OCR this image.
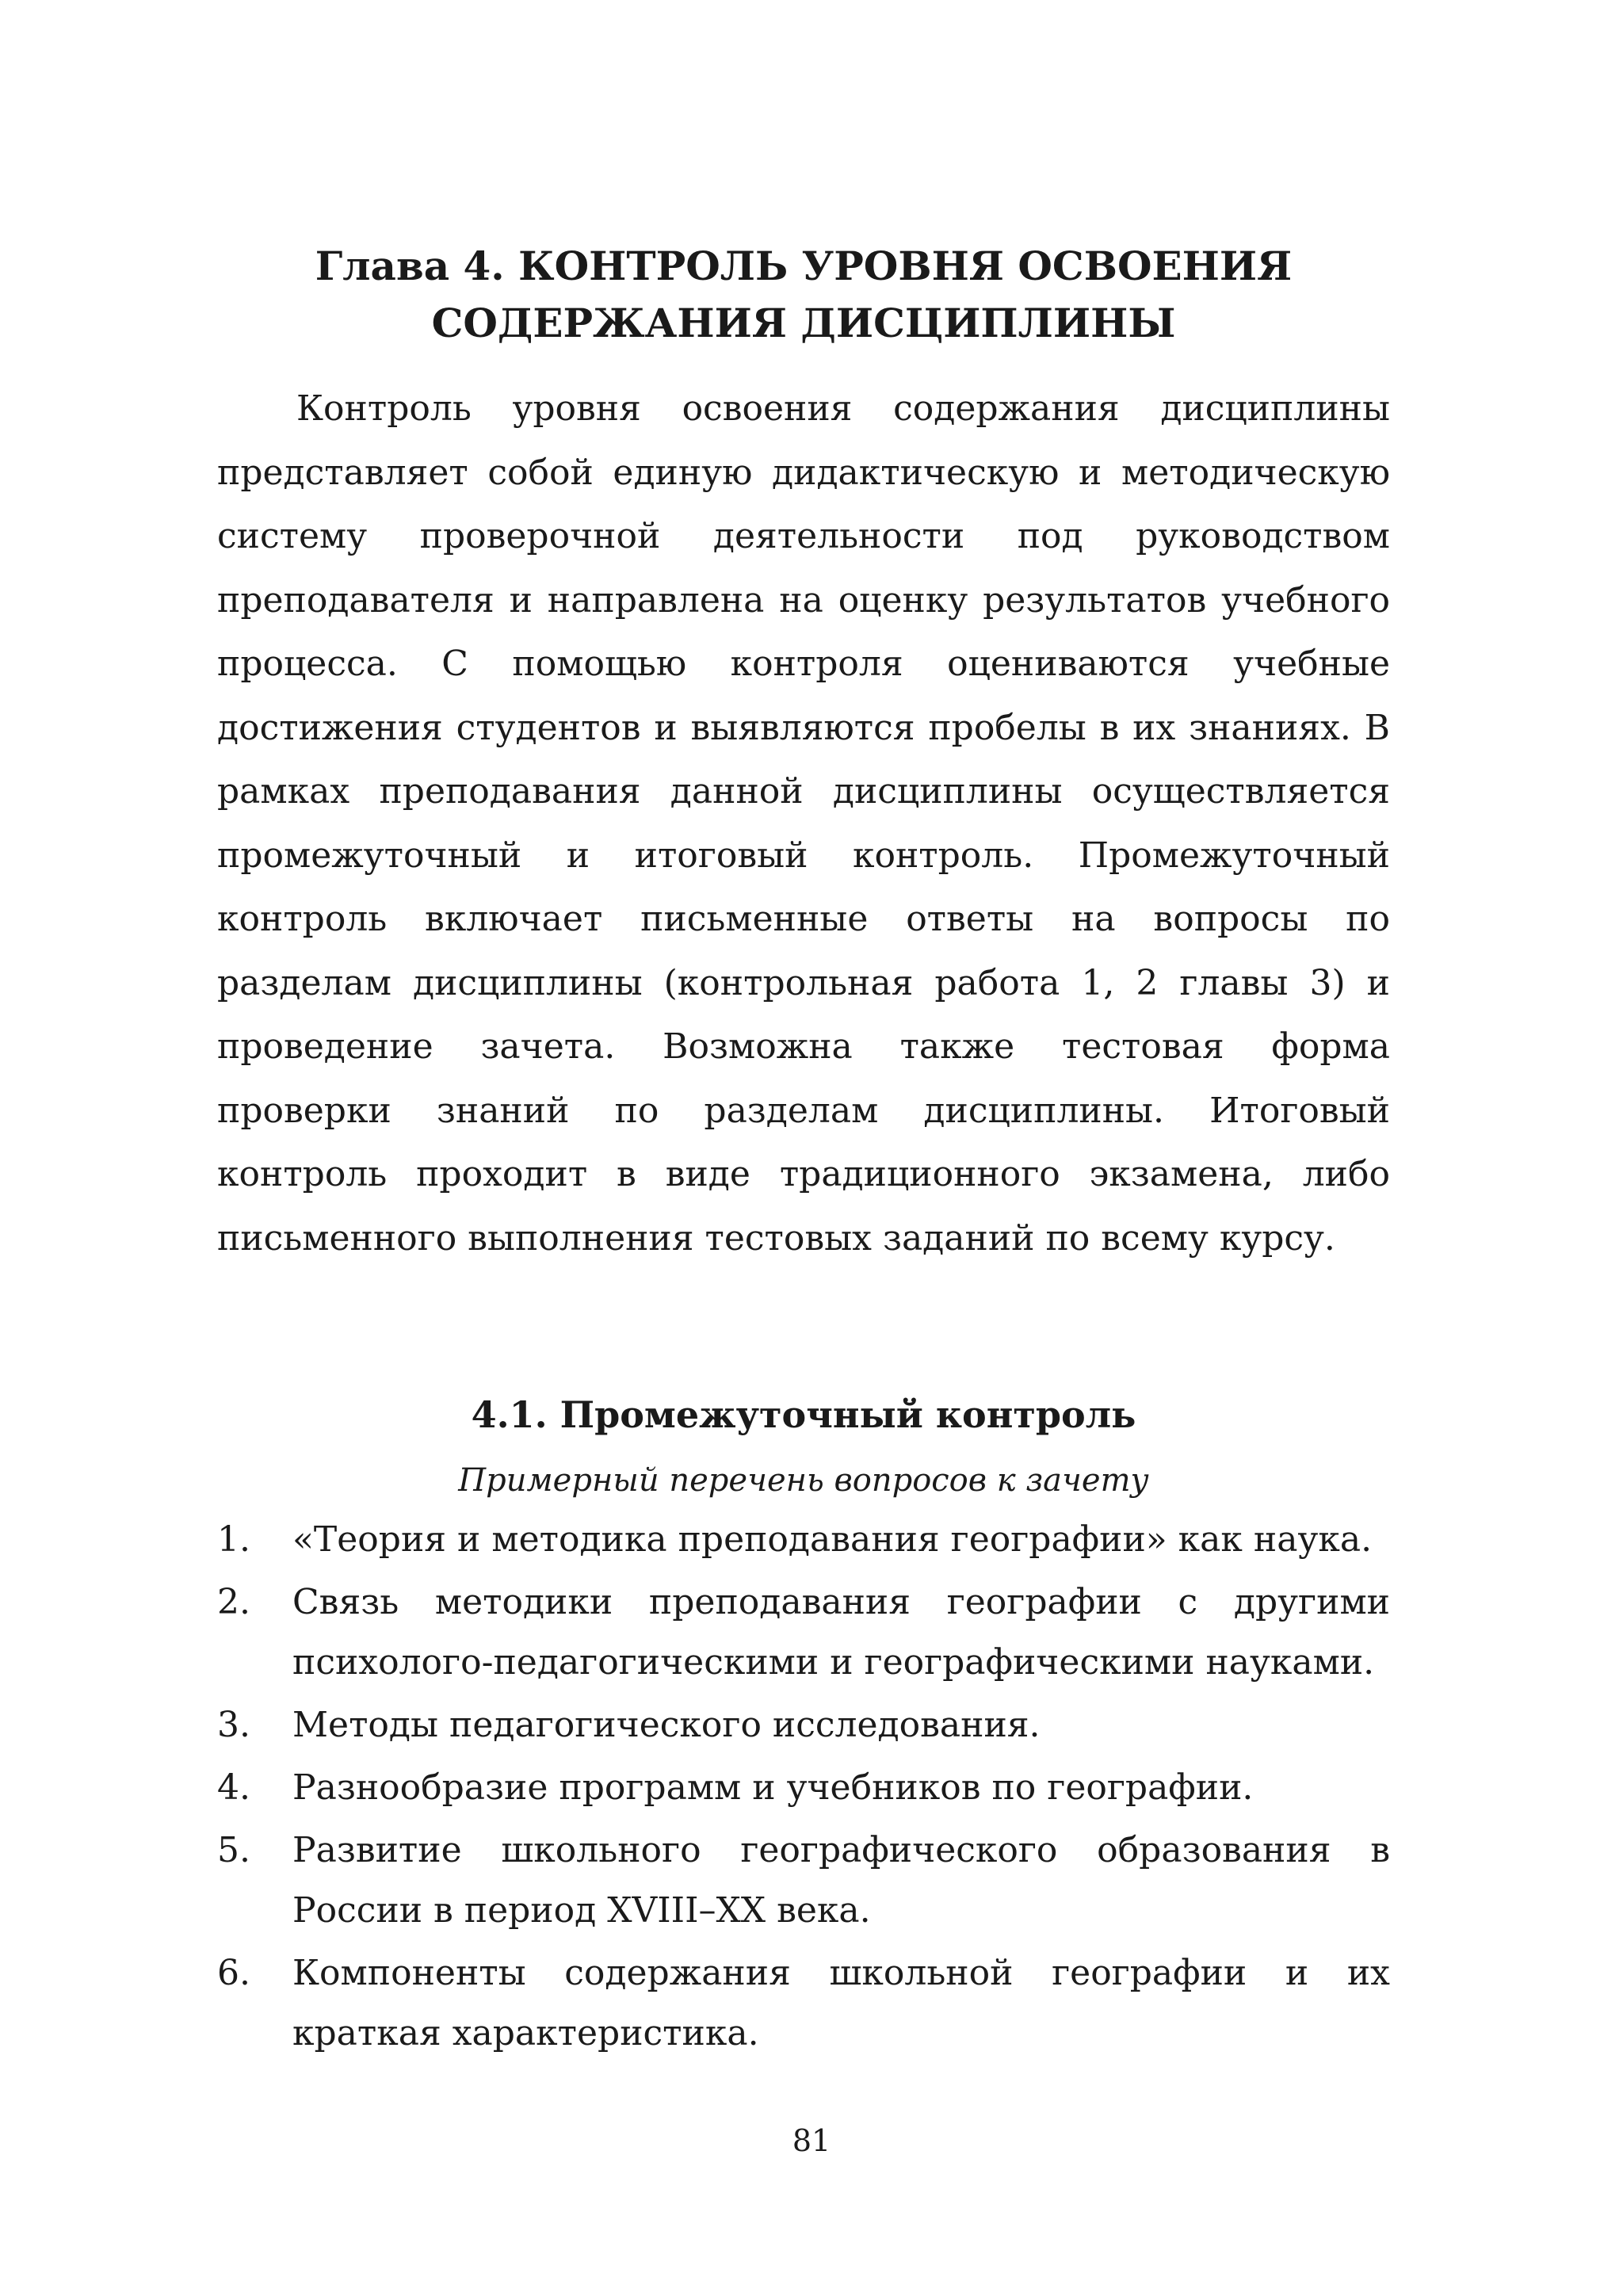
Глава 4. КОНТРОЛЬ УРОВНЯ ОСВОЕНИЯ
СОДЕРЖАНИЯ ДИСЦИПЛИНЫ

Контроль уровня освоения содержания дисциплины представляет собой единую дидактическую и методическую систему проверочной деятельности под руководством преподавателя и направлена на оценку результатов учебного процесса. С помощью контроля оцениваются учебные достижения студентов и выявляются пробелы в их знаниях. В рамках преподавания данной дисциплины осуществляется промежуточный и итоговый контроль. Промежуточный контроль включает письменные ответы на вопросы по разделам дисциплины (контрольная работа 1, 2 главы 3) и проведение зачета. Возможна также тестовая форма проверки знаний по разделам дисциплины. Итоговый контроль проходит в виде традиционного экзамена, либо письменного выполнения тестовых заданий по всему курсу.

4.1. Промежуточный контроль
Примерный перечень вопросов к зачету
1.	«Теория и методика преподавания географии» как наука.
2.	Связь методики преподавания географии с другими психолого-педагогическими и географическими науками.
3.	Методы педагогического исследования.
4.	Разнообразие программ и учебников по географии.
5.	Развитие школьного географического образования в России в период XVIII–XX века.
6.	Компоненты содержания школьной географии и их краткая характеристика.
81
